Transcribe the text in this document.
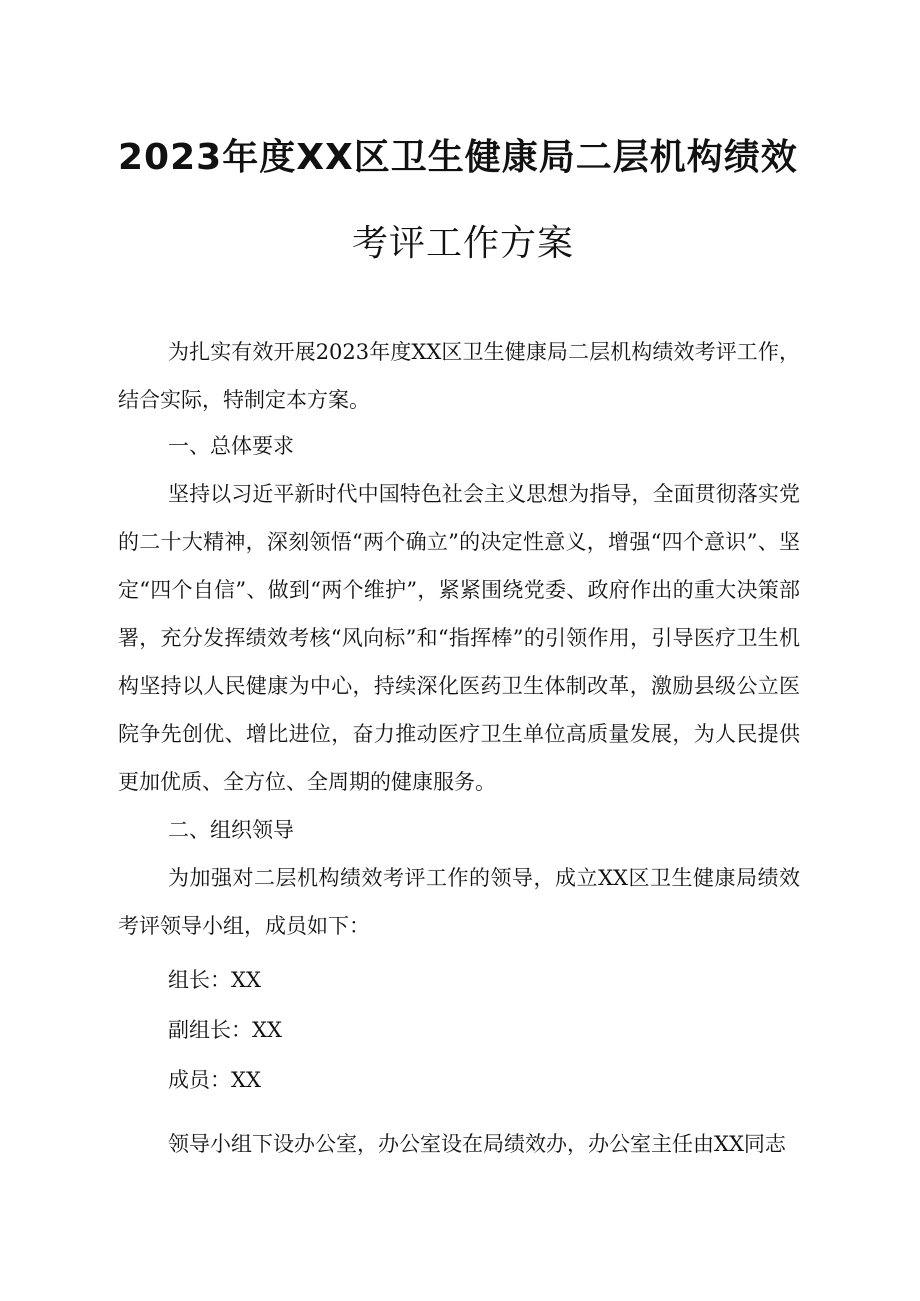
2023年度XX区卫生健康局二层机构绩效
考评工作方案
为扎实有效开展2023年度XX区卫生健康局二层机构绩效考评工作，结合实际，特制定本方案。
一、总体要求
坚持以习近平新时代中国特色社会主义思想为指导，全面贯彻落实党的二十大精神，深刻领悟“两个确立”的决定性意义，增强“四个意识”、坚定“四个自信”、做到“两个维护”，紧紧围绕党委、政府作出的重大决策部署，充分发挥绩效考核“风向标”和“指挥棒”的引领作用，引导医疗卫生机构坚持以人民健康为中心，持续深化医药卫生体制改革，激励县级公立医院争先创优、增比进位，奋力推动医疗卫生单位高质量发展，为人民提供更加优质、全方位、全周期的健康服务。
二、组织领导
为加强对二层机构绩效考评工作的领导，成立XX区卫生健康局绩效考评领导小组，成员如下：
组长：XX
副组长：XX
成员：XX
领导小组下设办公室，办公室设在局绩效办，办公室主任由XX同志
